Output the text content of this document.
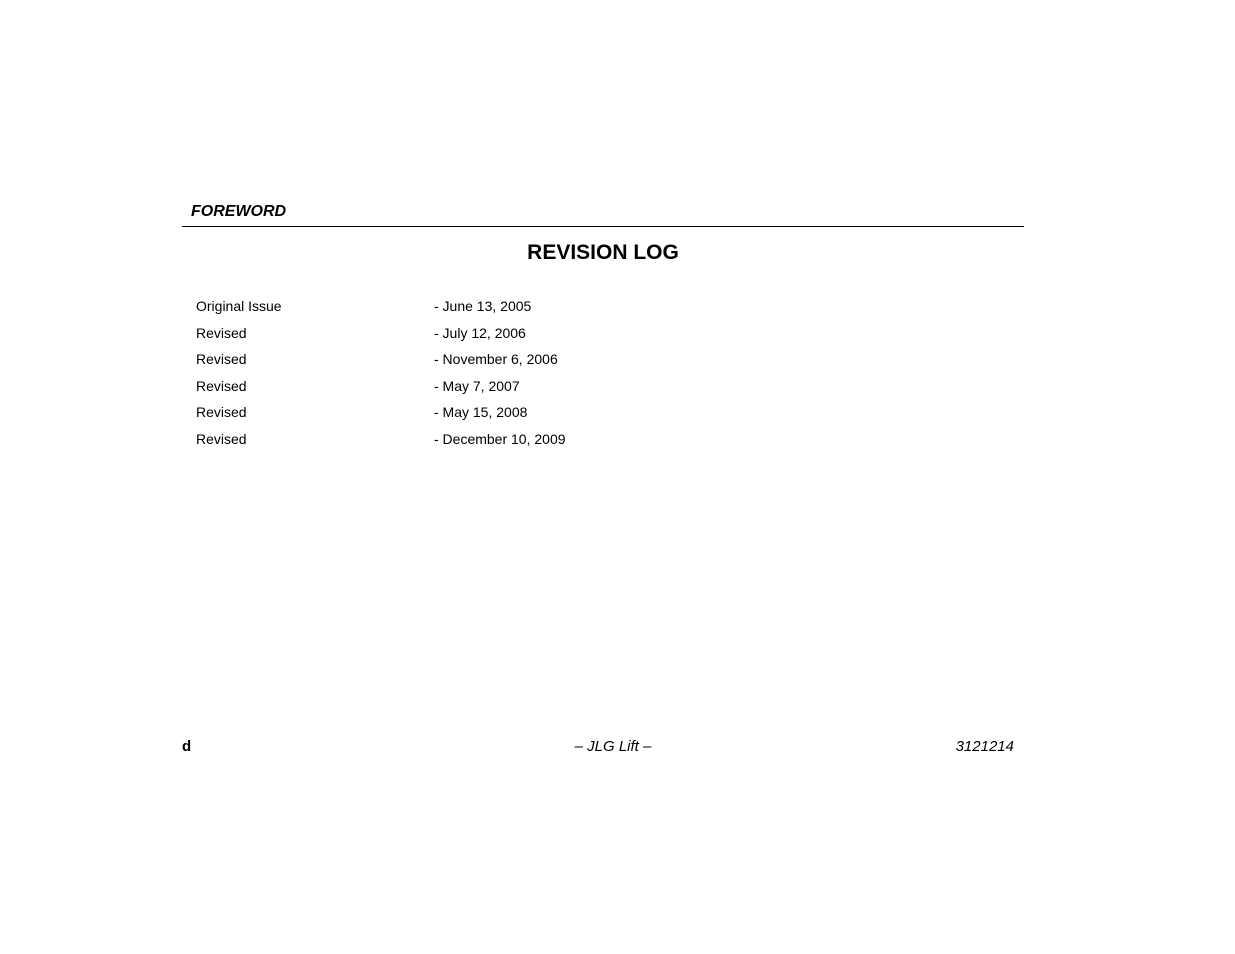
FOREWORD
REVISION LOG
Original Issue	- June 13, 2005
Revised	- July 12, 2006
Revised	- November 6, 2006
Revised	- May 7, 2007
Revised	- May 15, 2008
Revised	- December 10, 2009
d	– JLG Lift –	3121214
